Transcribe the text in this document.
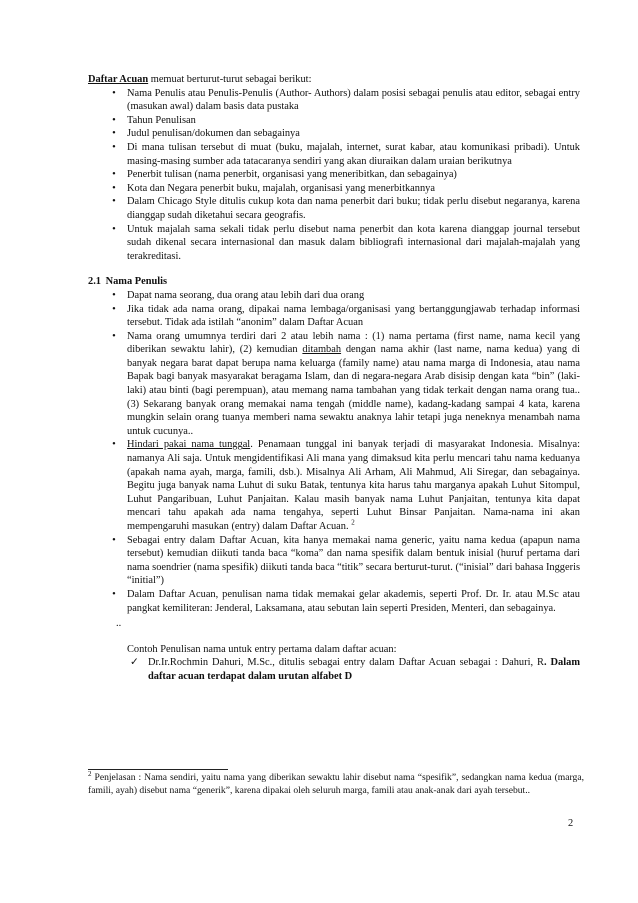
Daftar Acuan memuat berturut-turut sebagai berikut:

• Nama Penulis atau Penulis-Penulis (Author- Authors) dalam posisi sebagai penulis atau editor, sebagai entry (masukan awal) dalam basis data pustaka
• Tahun Penulisan
• Judul penulisan/dokumen dan sebagainya
• Di mana tulisan tersebut di muat (buku, majalah, internet, surat kabar, atau komunikasi pribadi). Untuk masing-masing sumber ada tatacaranya sendiri yang akan diuraikan dalam uraian berikutnya
• Penerbit tulisan (nama penerbit, organisasi yang meneribitkan, dan sebagainya)
• Kota dan Negara penerbit buku, majalah, organisasi yang menerbitkannya
• Dalam Chicago Style ditulis cukup kota dan nama penerbit dari buku; tidak perlu disebut negaranya, karena dianggap sudah diketahui secara geografis.
• Untuk majalah sama sekali tidak perlu disebut nama penerbit dan kota karena dianggap journal tersebut sudah dikenal secara internasional dan masuk dalam bibliografi internasional dari majalah-majalah yang terakreditasi.

2.1 Nama Penulis

• Dapat nama seorang, dua orang atau lebih dari dua orang
• Jika tidak ada nama orang, dipakai nama lembaga/organisasi yang bertanggungjawab terhadap informasi tersebut. Tidak ada istilah “anonim” dalam Daftar Acuan
• Nama orang umumnya terdiri dari 2 atau lebih nama : (1) nama pertama (first name, nama kecil yang diberikan sewaktu lahir), (2) kemudian ditambah dengan nama akhir (last name, nama kedua) yang di banyak negara barat dapat berupa nama keluarga (family name) atau nama marga di Indonesia, atau nama Bapak bagi banyak masyarakat beragama Islam, dan di negara-negara Arab disisip dengan kata “bin” (laki-laki) atau binti (bagi perempuan), atau memang nama tambahan yang tidak terkait dengan nama orang tua.. (3) Sekarang banyak orang memakai nama tengah (middle name), kadang-kadang sampai 4 kata, karena mungkin selain orang tuanya memberi nama sewaktu anaknya lahir tetapi juga neneknya menambah nama untuk cucunya..
• Hindari pakai nama tunggal. Penamaan tunggal ini banyak terjadi di masyarakat Indonesia. Misalnya: namanya Ali saja. Untuk mengidentifikasi Ali mana yang dimaksud kita perlu mencari tahu nama keduanya (apakah nama ayah, marga, famili, dsb.). Misalnya Ali Arham, Ali Mahmud, Ali Siregar, dan sebagainya. Begitu juga banyak nama Luhut di suku Batak, tentunya kita harus tahu marganya apakah Luhut Sitompul, Luhut Pangaribuan, Luhut Panjaitan. Kalau masih banyak nama Luhut Panjaitan, tentunya kita dapat mencari tahu apakah ada nama tengahya, seperti Luhut Binsar Panjaitan. Nama-nama ini akan mempengaruhi masukan (entry) dalam Daftar Acuan. $^2$
• Sebagai entry dalam Daftar Acuan, kita hanya memakai nama generic, yaitu nama kedua (apapun nama tersebut) kemudian diikuti tanda baca “koma” dan nama spesifik dalam bentuk inisial (huruf pertama dari nama soendrier (nama spesifik) diikuti tanda baca “titik” secara berturut-turut. (“inisial” dari bahasa Inggeris “initial”)
• Dalam Daftar Acuan, penulisan nama tidak memakai gelar akademis, seperti Prof. Dr. Ir. atau M.Sc atau pangkat kemiliteran: Jenderal, Laksamana, atau sebutan lain seperti Presiden, Menteri, dan sebagainya.
..
Contoh Penulisan nama untuk entry pertama dalam daftar acuan:
✓ Dr.Ir.Rochmin Dahuri, M.Sc., ditulis sebagai entry dalam Daftar Acuan sebagai : Dahuri, R. Dalam daftar acuan terdapat dalam urutan alfabet D
$^2$ Penjelasan : Nama sendiri, yaitu nama yang diberikan sewaktu lahir disebut nama “spesifik”, sedangkan nama kedua (marga, famili, ayah) disebut nama “generik”, karena dipakai oleh seluruh marga, famili atau anak-anak dari ayah tersebut..
2
